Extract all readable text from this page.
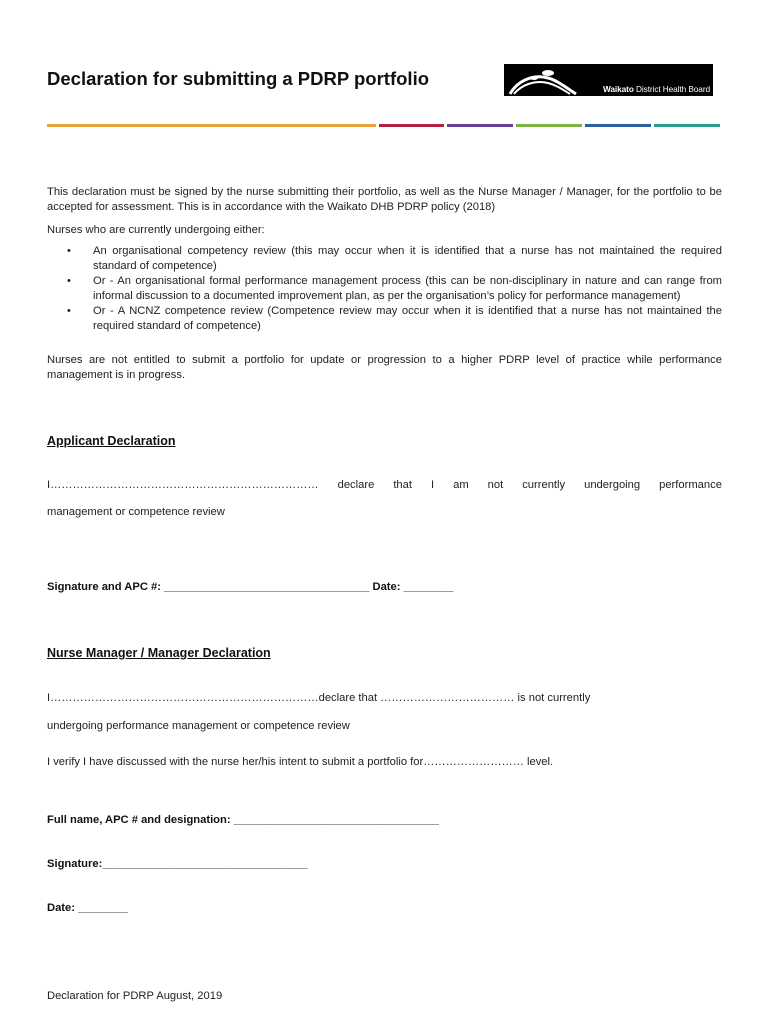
Declaration for submitting a PDRP portfolio	Waikato District Health Board
This declaration must be signed by the nurse submitting their portfolio, as well as the Nurse Manager / Manager, for the portfolio to be accepted for assessment. This is in accordance with the Waikato DHB PDRP policy (2018)
Nurses who are currently undergoing either:
• An organisational competency review (this may occur when it is identified that a nurse has not maintained the required standard of competence)
• Or - An organisational formal performance management process (this can be non-disciplinary in nature and can range from informal discussion to a documented improvement plan, as per the organisation’s policy for performance management)
• Or - A NCNZ competence review (Competence review may occur when it is identified that a nurse has not maintained the required standard of competence)
Nurses are not entitled to submit a portfolio for update or progression to a higher PDRP level of practice while performance management is in progress.
Applicant Declaration
I……………………………………………………………… declare that I am not currently undergoing performance
management or competence review
Signature and APC #: _________________________________ Date: ________
Nurse Manager / Manager Declaration
I………………………………………………………………declare that ……………………………… is not currently
undergoing performance management or competence review
I verify I have discussed with the nurse her/his intent to submit a portfolio for……………………… level.
Full name, APC # and designation: _________________________________
Signature:_________________________________
Date: ________
Declaration for PDRP August, 2019
